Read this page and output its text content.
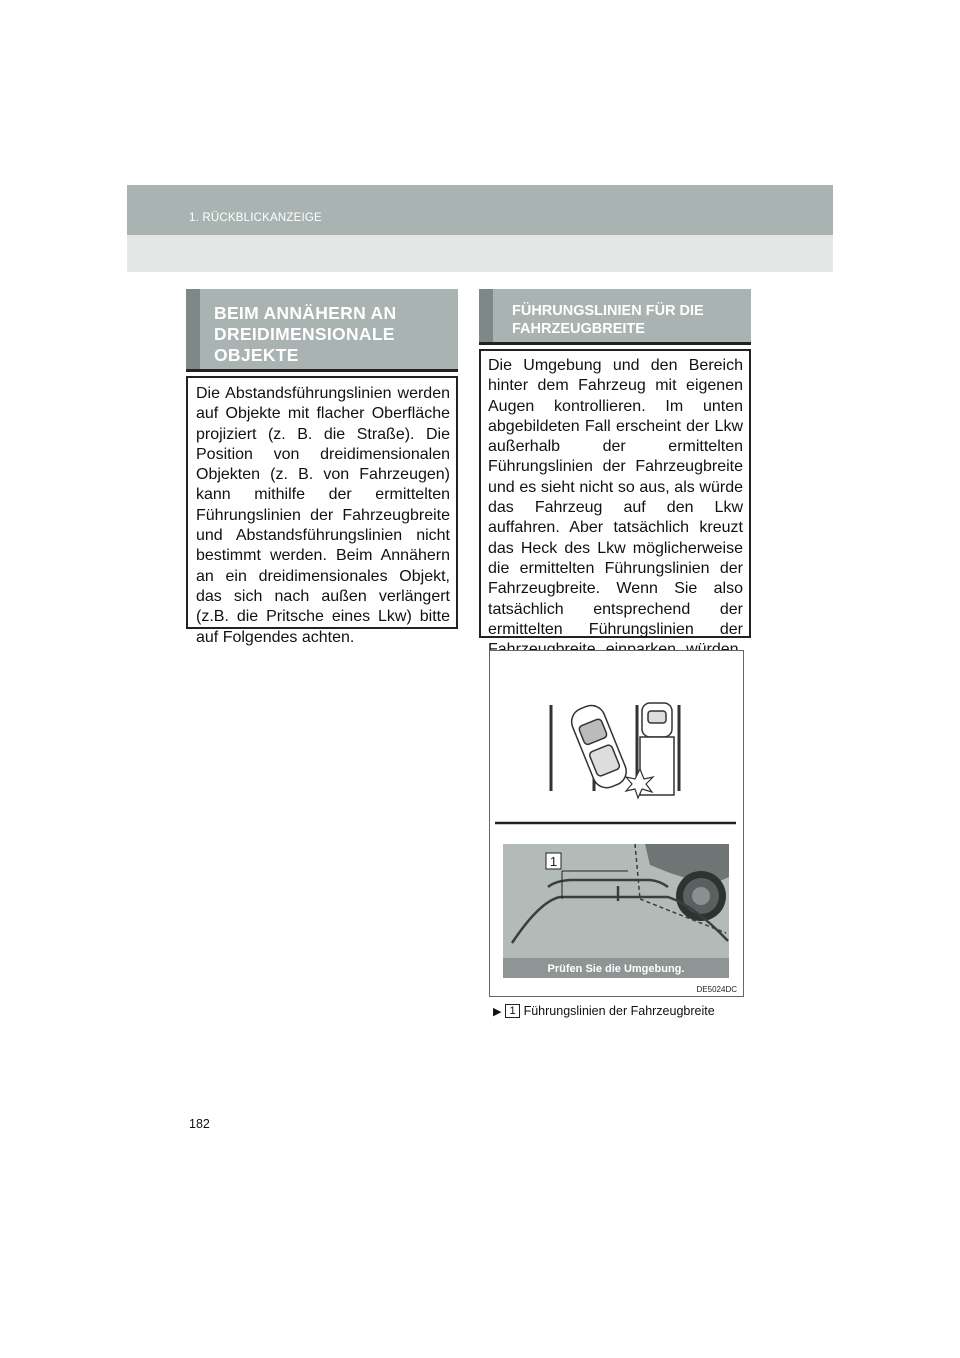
1. RÜCKBLICKANZEIGE
BEIM ANNÄHERN AN
DREIDIMENSIONALE
OBJEKTE

Die Abstandsführungslinien werden auf Objekte mit flacher Oberfläche projiziert (z. B. die Straße). Die Position von dreidimensionalen Objekten (z. B. von Fahrzeugen) kann mithilfe der ermittelten Führungslinien der Fahrzeugbreite und Abstandsführungslinien nicht bestimmt werden. Beim Annähern an ein dreidimensionales Objekt, das sich nach außen verlängert (z.B. die Pritsche eines Lkw) bitte auf Folgendes achten.

FÜHRUNGSLINIEN FÜR DIE
FAHRZEUGBREITE

Die Umgebung und den Bereich hinter dem Fahrzeug mit eigenen Augen kontrollieren. Im unten abgebildeten Fall erscheint der Lkw außerhalb der ermittelten Führungslinien der Fahrzeugbreite und es sieht nicht so aus, als würde das Fahrzeug auf den Lkw auffahren. Aber tatsächlich kreuzt das Heck des Lkw möglicherweise die ermittelten Führungslinien der Fahrzeugbreite. Wenn Sie also tatsächlich entsprechend der ermittelten Führungslinien der

1
Prüfen Sie die Umgebung.
DE5024DC
▶ 1 Führungslinien der Fahrzeugbreite
182
